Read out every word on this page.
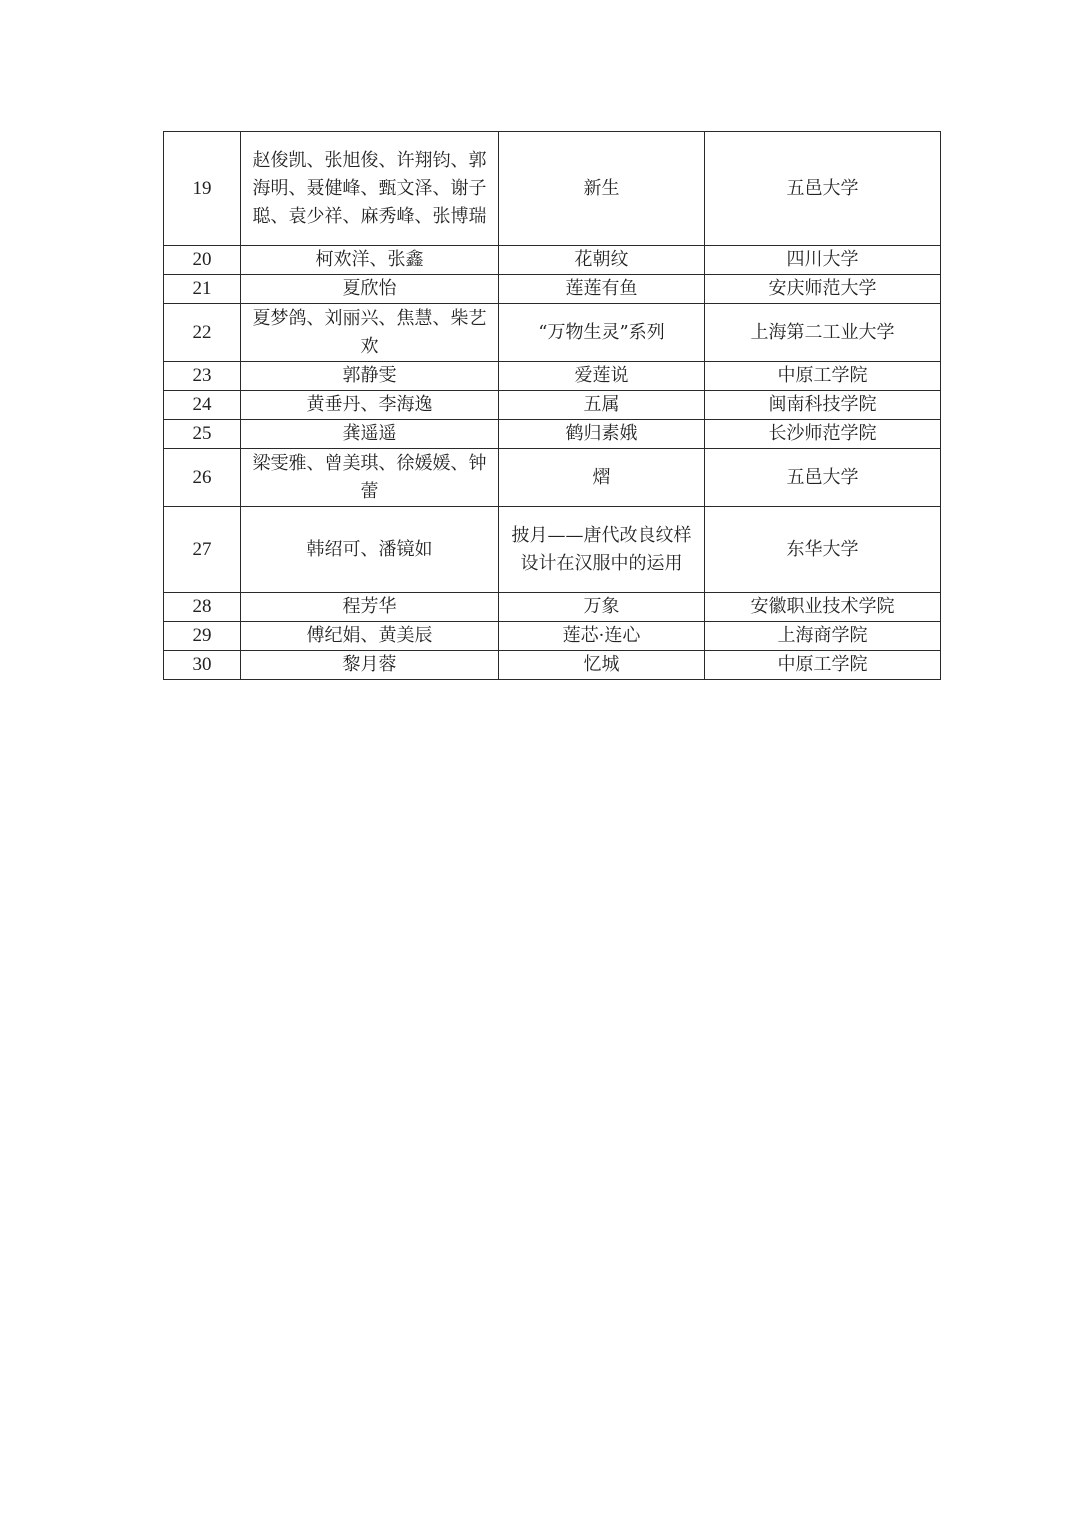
19	赵俊凯、张旭俊、许翔钧、郭海明、聂健峰、甄文泽、谢子聪、袁少祥、麻秀峰、张博瑞	新生	五邑大学
20	柯欢洋、张鑫	花朝纹	四川大学
21	夏欣怡	莲莲有鱼	安庆师范大学
22	夏梦鸽、刘丽兴、焦慧、柴艺欢	“万物生灵”系列	上海第二工业大学
23	郭静雯	爱莲说	中原工学院
24	黄垂丹、李海逸	五属	闽南科技学院
25	龚遥遥	鹤归素娥	长沙师范学院
26	梁雯雅、曾美琪、徐媛媛、钟蕾	熠	五邑大学
27	韩绍可、潘镜如	披月——唐代改良纹样设计在汉服中的运用	东华大学
28	程芳华	万象	安徽职业技术学院
29	傅纪娟、黄美辰	莲芯·连心	上海商学院
30	黎月蓉	忆城	中原工学院
